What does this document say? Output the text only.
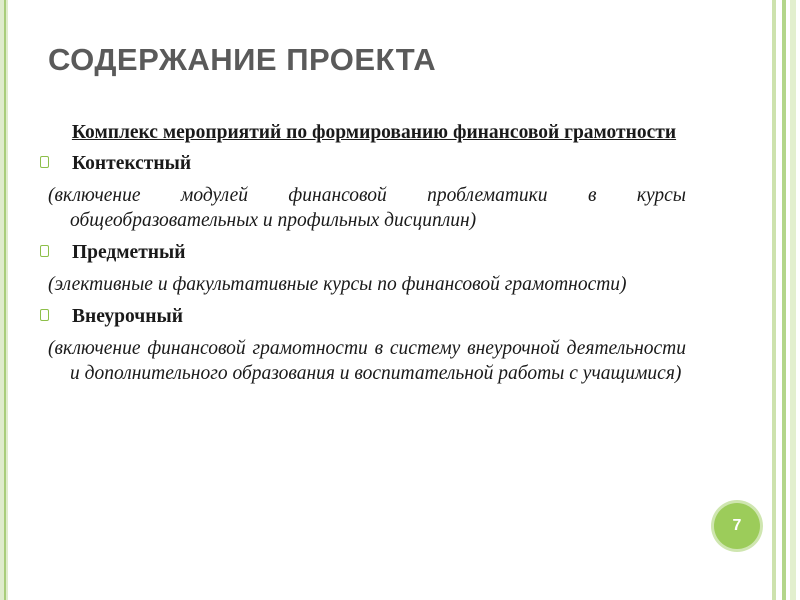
СОДЕРЖАНИЕ ПРОЕКТА

Комплекс мероприятий по формированию финансовой грамотности

Контекстный

(включение модулей финансовой проблематики в курсы общеобразовательных и профильных дисциплин)

Предметный

(элективные и факультативные курсы по финансовой грамотности)

Внеурочный

(включение финансовой грамотности в систему внеурочной деятельности и дополнительного образования и воспитательной работы с учащимися)

7
